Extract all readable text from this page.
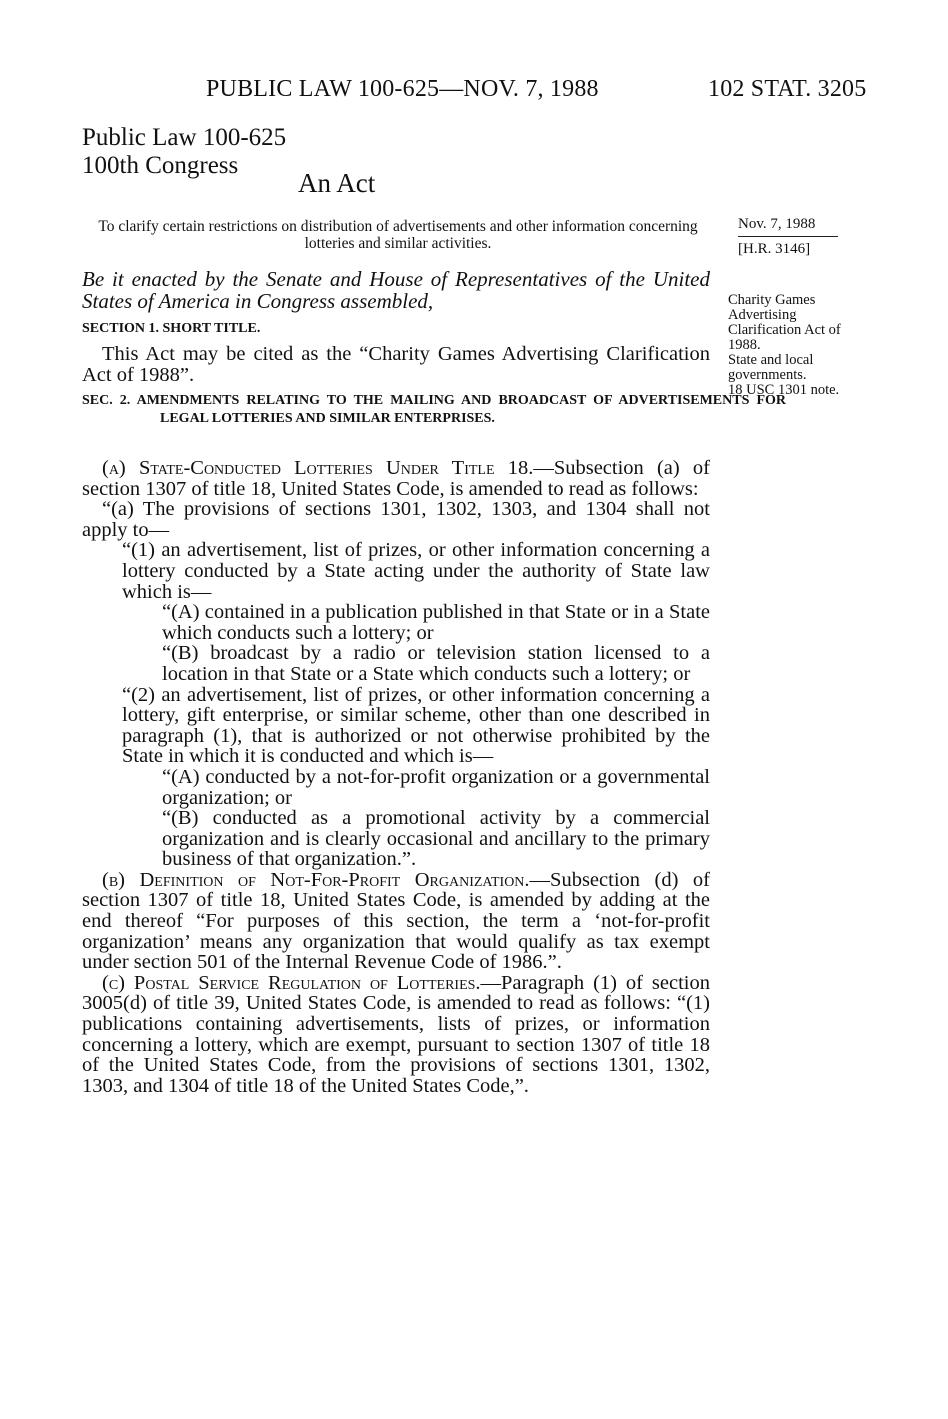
PUBLIC LAW 100-625—NOV. 7, 1988	102 STAT. 3205
Public Law 100-625
100th Congress
An Act
To clarify certain restrictions on distribution of advertisements and other information concerning lotteries and similar activities.
Nov. 7, 1988
[H.R. 3146]
Charity Games Advertising Clarification Act of 1988.
State and local governments.
18 USC 1301 note.
Be it enacted by the Senate and House of Representatives of the United States of America in Congress assembled,
SECTION 1. SHORT TITLE.
This Act may be cited as the “Charity Games Advertising Clarification Act of 1988”.
SEC. 2. AMENDMENTS RELATING TO THE MAILING AND BROADCAST OF ADVERTISEMENTS FOR LEGAL LOTTERIES AND SIMILAR ENTERPRISES.

(a) State-Conducted Lotteries Under Title 18.—Subsection (a) of section 1307 of title 18, United States Code, is amended to read as follows:

“(a) The provisions of sections 1301, 1302, 1303, and 1304 shall not apply to—

“(1) an advertisement, list of prizes, or other information concerning a lottery conducted by a State acting under the authority of State law which is—

“(A) contained in a publication published in that State or in a State which conducts such a lottery; or

“(B) broadcast by a radio or television station licensed to a location in that State or a State which conducts such a lottery; or

“(2) an advertisement, list of prizes, or other information concerning a lottery, gift enterprise, or similar scheme, other than one described in paragraph (1), that is authorized or not otherwise prohibited by the State in which it is conducted and which is—

“(A) conducted by a not-for-profit organization or a governmental organization; or

“(B) conducted as a promotional activity by a commercial organization and is clearly occasional and ancillary to the primary business of that organization.”.

(b) Definition of Not-For-Profit Organization.—Subsection (d) of section 1307 of title 18, United States Code, is amended by adding at the end thereof “For purposes of this section, the term a ‘not-for-profit organization’ means any organization that would qualify as tax exempt under section 501 of the Internal Revenue Code of 1986.”.

(c) Postal Service Regulation of Lotteries.—Paragraph (1) of section 3005(d) of title 39, United States Code, is amended to read as follows: “(1) publications containing advertisements, lists of prizes, or information concerning a lottery, which are exempt, pursuant to section 1307 of title 18 of the United States Code, from the provisions of sections 1301, 1302, 1303, and 1304 of title 18 of the United States Code,”.
